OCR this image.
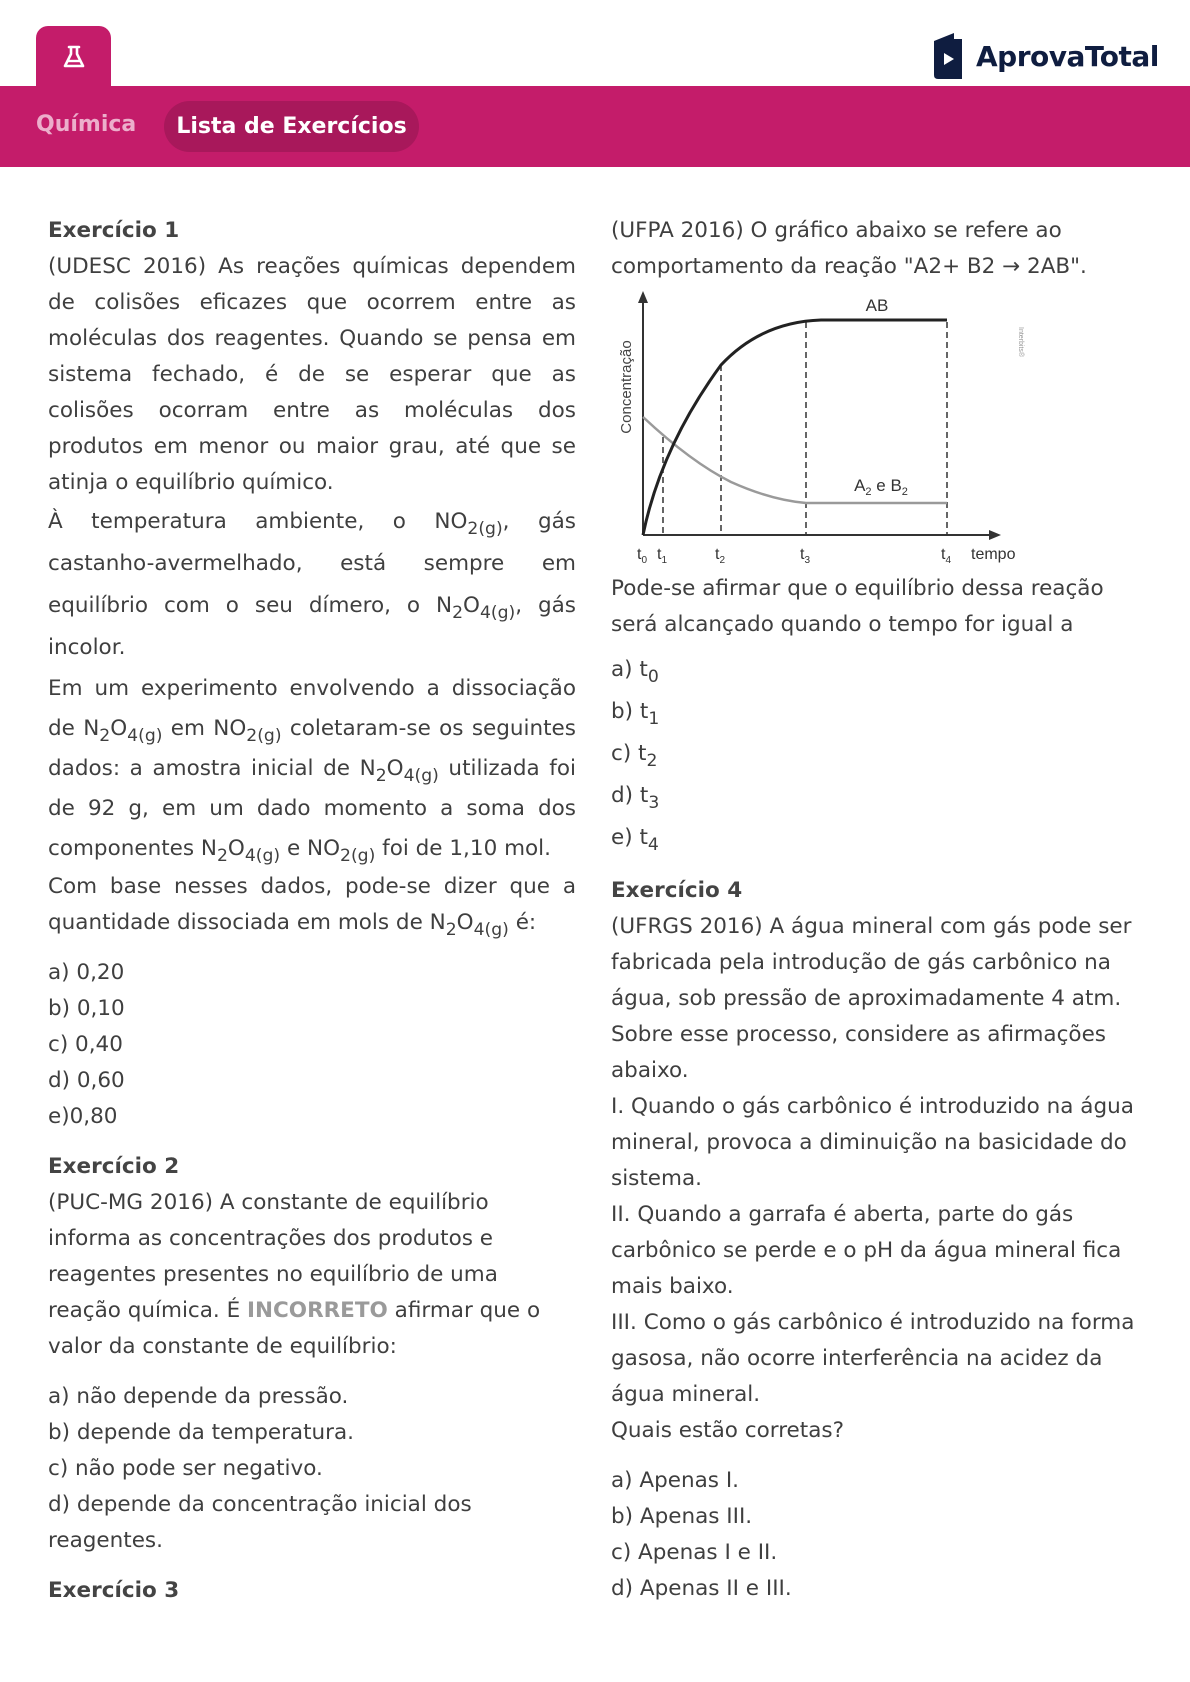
Química	Lista de Exercícios
AprovaTotal
Exercício 1
(UDESC 2016) As reações químicas dependem de colisões eficazes que ocorrem entre as moléculas dos reagentes. Quando se pensa em sistema fechado, é de se esperar que as colisões ocorram entre as moléculas dos produtos em menor ou maior grau, até que se atinja o equilíbrio químico.
À temperatura ambiente, o $NO_{2(g)}$, gás castanho-avermelhado, está sempre em equilíbrio com o seu dímero, o $N_2O_{4(g)}$, gás incolor.
Em um experimento envolvendo a dissociação de $N_2O_{4(g)}$ em $NO_{2(g)}$ coletaram-se os seguintes dados: a amostra inicial de $N_2O_{4(g)}$ utilizada foi de 92 g, em um dado momento a soma dos componentes $N_2O_{4(g)}$ e $NO_{2(g)}$ foi de 1,10 mol.
Com base nesses dados, pode-se dizer que a quantidade dissociada em mols de $N_2O_{4(g)}$ é:
a) 0,20
b) 0,10
c) 0,40
d) 0,60
e)0,80
Exercício 2
(PUC-MG 2016) A constante de equilíbrio informa as concentrações dos produtos e reagentes presentes no equilíbrio de uma reação química. É INCORRETO afirmar que o valor da constante de equilíbrio:
a) não depende da pressão.
b) depende da temperatura.
c) não pode ser negativo.
d) depende da concentração inicial dos reagentes.
Exercício 3
(UFPA 2016) O gráfico abaixo se refere ao comportamento da reação "A2+ B2 → 2AB".
Concentração
AB
$A_2$ e $B_2$
Interbits®
$t_0$ $t_1$	$t_2$	$t_3$	$t_4$ tempo
Pode-se afirmar que o equilíbrio dessa reação será alcançado quando o tempo for igual a
a) $t_0$
b) $t_1$
c) $t_2$
d) $t_3$
e) $t_4$
Exercício 4
(UFRGS 2016) A água mineral com gás pode ser fabricada pela introdução de gás carbônico na água, sob pressão de aproximadamente 4 atm. Sobre esse processo, considere as afirmações abaixo.
I. Quando o gás carbônico é introduzido na água mineral, provoca a diminuição na basicidade do sistema.
II. Quando a garrafa é aberta, parte do gás carbônico se perde e o pH da água mineral fica mais baixo.
III. Como o gás carbônico é introduzido na forma gasosa, não ocorre interferência na acidez da água mineral.
Quais estão corretas?
a) Apenas I.
b) Apenas III.
c) Apenas I e II.
d) Apenas II e III.
